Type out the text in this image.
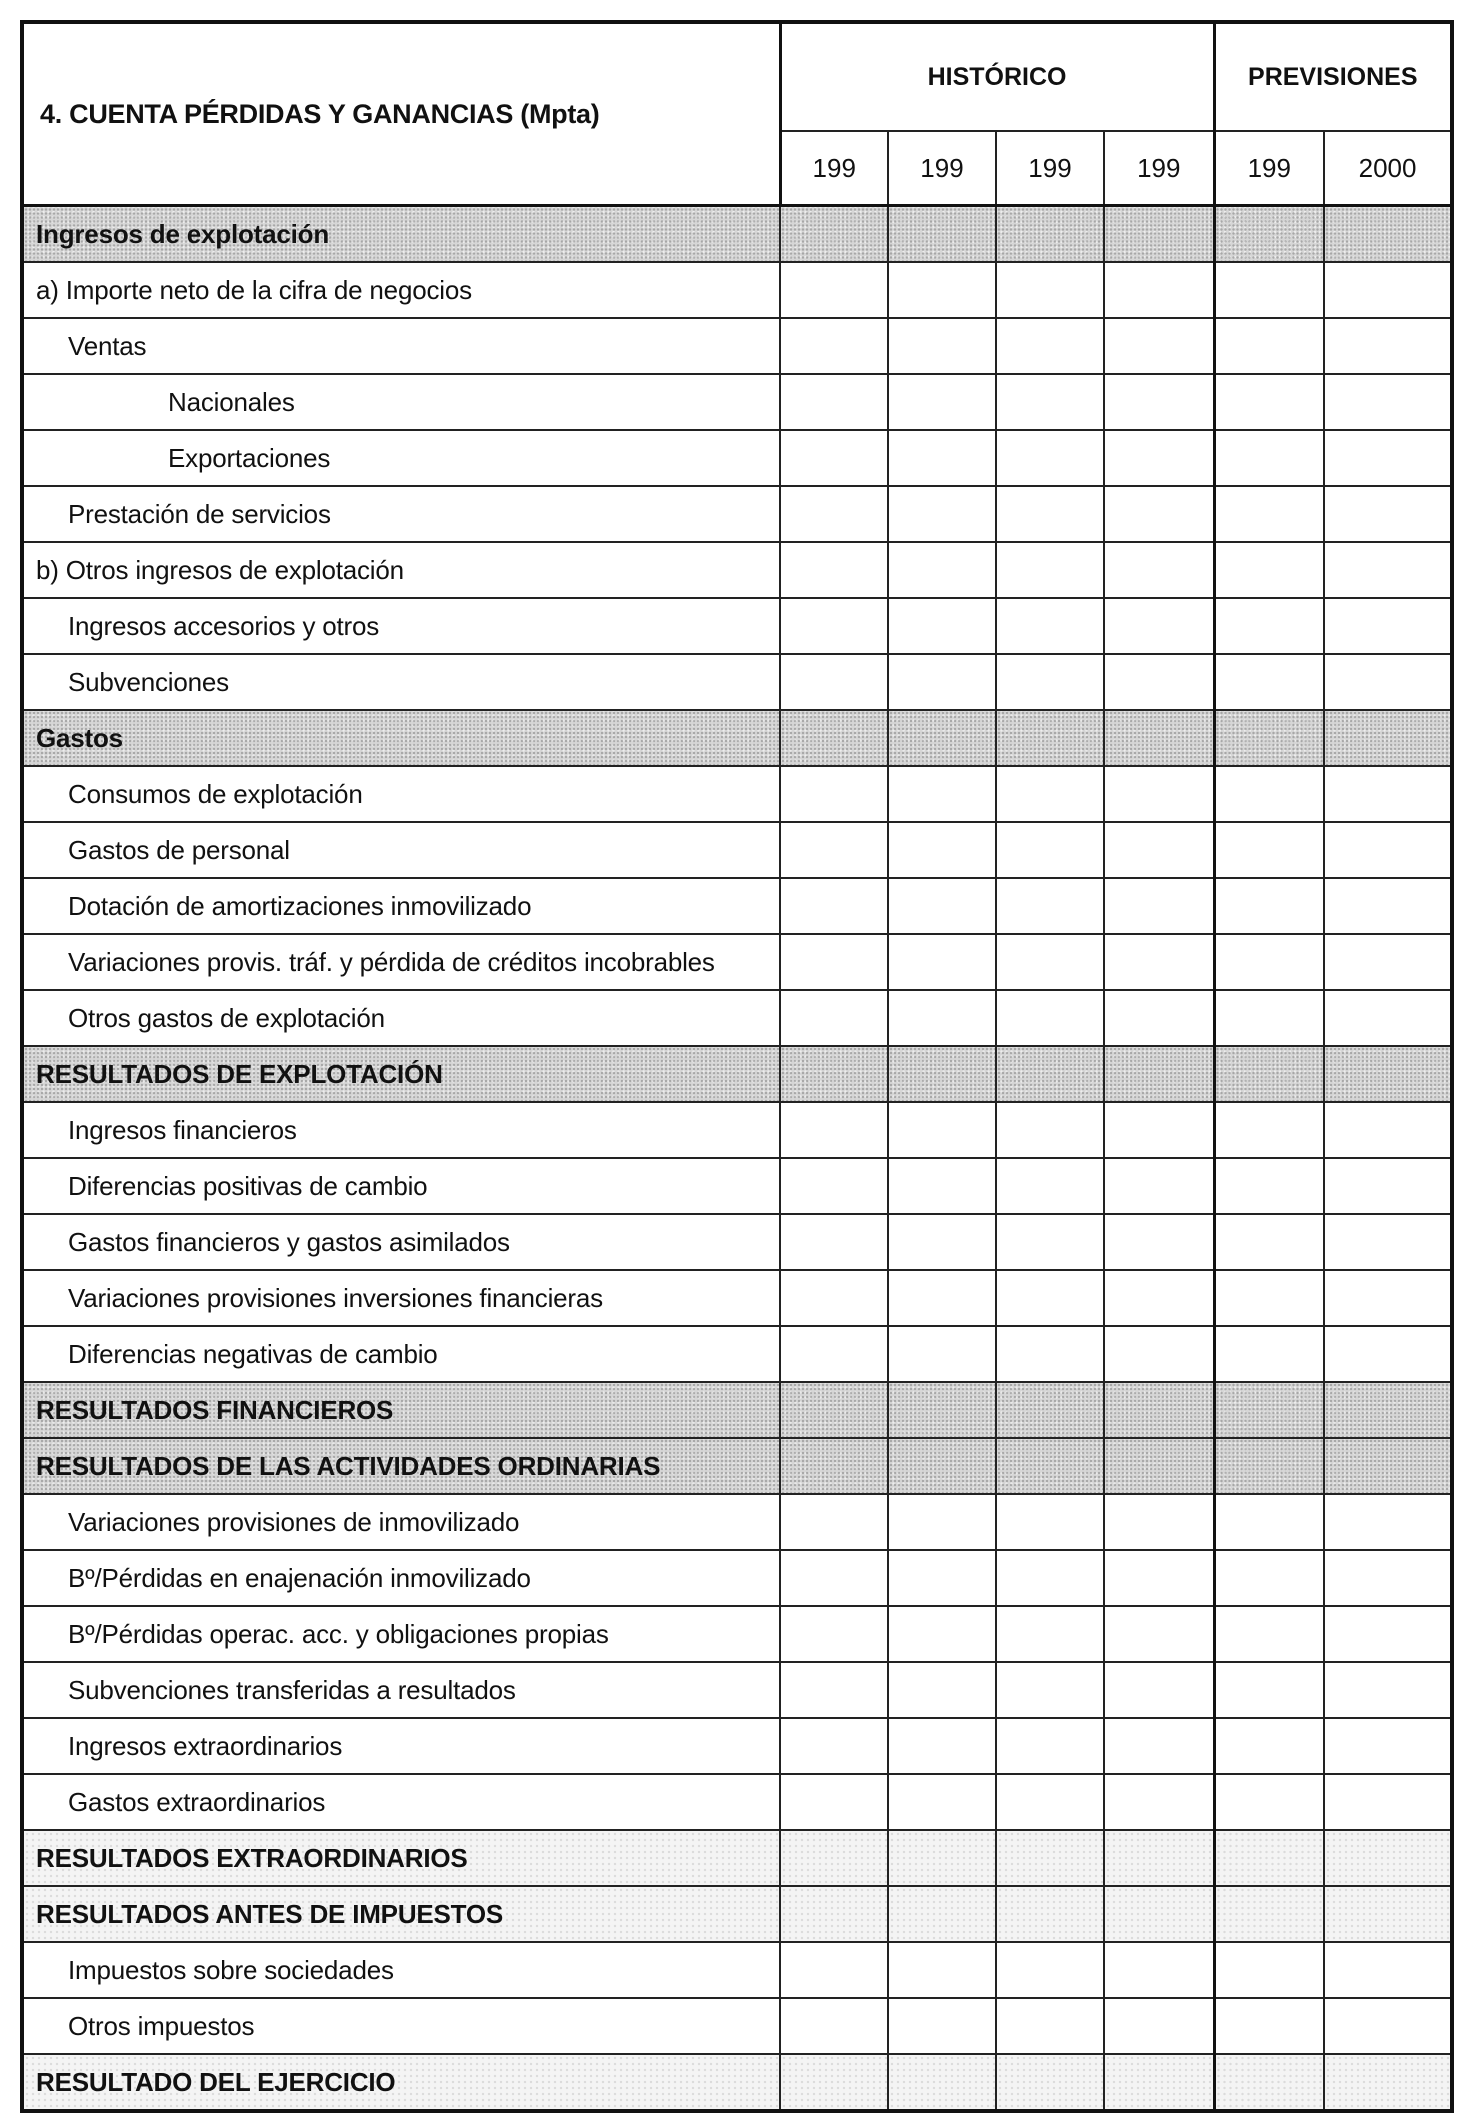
4. CUENTA PÉRDIDAS Y GANANCIAS (Mpta)	HISTÓRICO				PREVISIONES	
	199	199	199	199	199	2000
Ingresos de explotación						
a) Importe neto de la cifra de negocios						
Ventas						
Nacionales						
Exportaciones						
Prestación de servicios						
b) Otros ingresos de explotación						
Ingresos accesorios y otros						
Subvenciones						
Gastos						
Consumos de explotación						
Gastos de personal						
Dotación de amortizaciones inmovilizado						
Variaciones provis. tráf. y pérdida de créditos incobrables						
Otros gastos de explotación						
RESULTADOS DE EXPLOTACIÓN						
Ingresos financieros						
Diferencias positivas de cambio						
Gastos financieros y gastos asimilados						
Variaciones provisiones inversiones financieras						
Diferencias negativas de cambio						
RESULTADOS FINANCIEROS						
RESULTADOS DE LAS ACTIVIDADES ORDINARIAS						
Variaciones provisiones de inmovilizado						
Bº/Pérdidas en enajenación inmovilizado						
Bº/Pérdidas operac. acc. y obligaciones propias						
Subvenciones transferidas a resultados						
Ingresos extraordinarios						
Gastos extraordinarios						
RESULTADOS EXTRAORDINARIOS						
RESULTADOS ANTES DE IMPUESTOS						
Impuestos sobre sociedades						
Otros impuestos						
RESULTADO DEL EJERCICIO						
